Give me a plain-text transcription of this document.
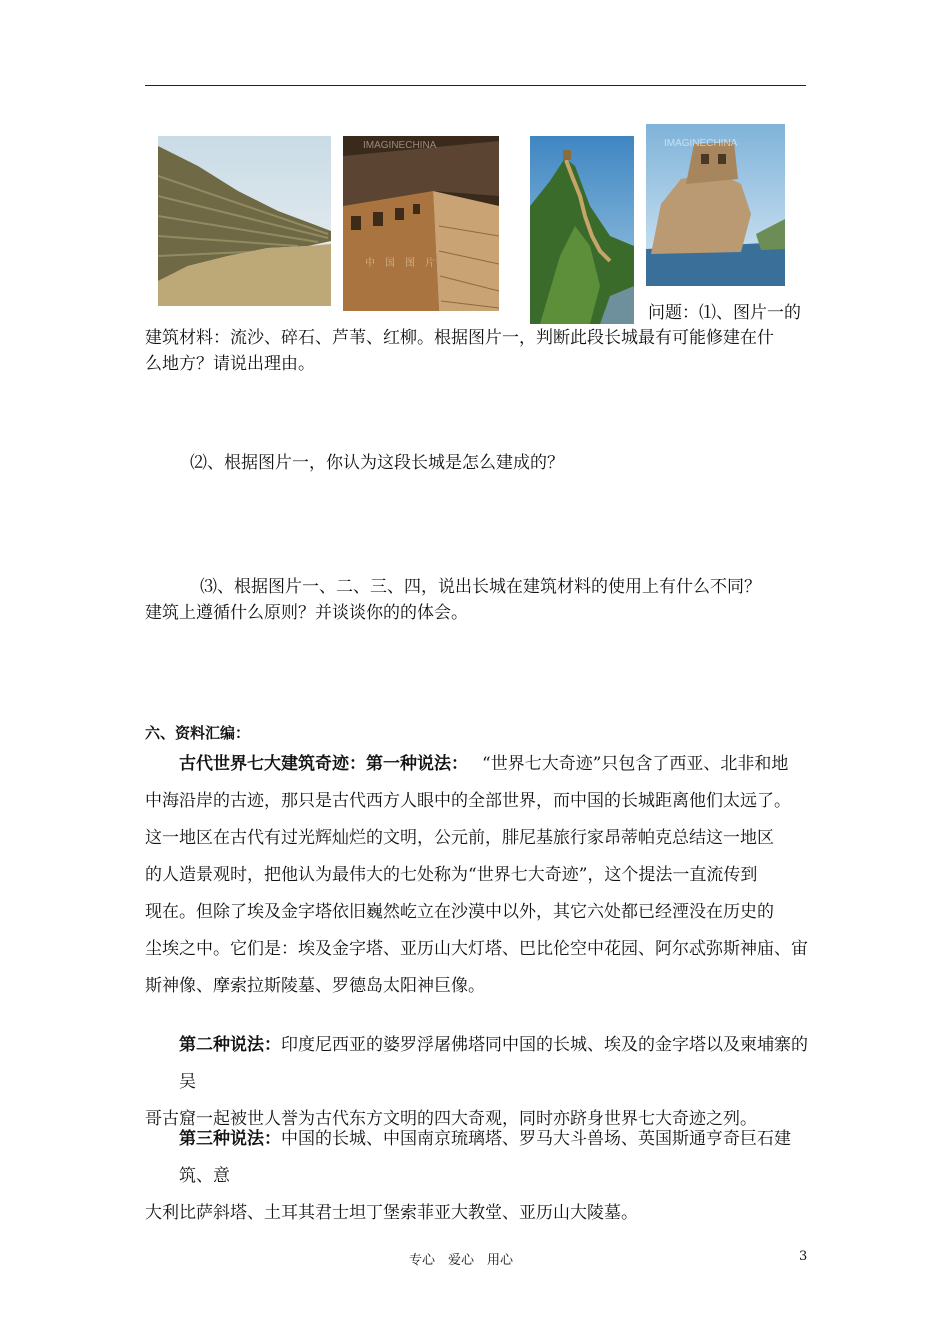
IMAGINECHINA
中　国　图　片
IMAGINECHINA

问题：⑴、图片一的

建筑材料：流沙、碎石、芦苇、红柳。根据图片一，判断此段长城最有可能修建在什

么地方？请说出理由。

⑵、根据图片一，你认为这段长城是怎么建成的？

⑶、根据图片一、二、三、四，说出长城在建筑材料的使用上有什么不同？

建筑上遵循什么原则？并谈谈你的的体会。

六、资料汇编：

古代世界七大建筑奇迹：第一种说法： “世界七大奇迹”只包含了西亚、北非和地
中海沿岸的古迹，那只是古代西方人眼中的全部世界，而中国的长城距离他们太远了。
这一地区在古代有过光辉灿烂的文明，公元前，腓尼基旅行家昂蒂帕克总结这一地区
的人造景观时，把他认为最伟大的七处称为“世界七大奇迹”，这个提法一直流传到
现在。但除了埃及金字塔依旧巍然屹立在沙漠中以外，其它六处都已经湮没在历史的
尘埃之中。它们是：埃及金字塔、亚历山大灯塔、巴比伦空中花园、阿尔忒弥斯神庙、宙
斯神像、摩索拉斯陵墓、罗德岛太阳神巨像。
第二种说法：印度尼西亚的婆罗浮屠佛塔同中国的长城、埃及的金字塔以及柬埔寨的吴
哥古窟一起被世人誉为古代东方文明的四大奇观，同时亦跻身世界七大奇迹之列。
第三种说法：中国的长城、中国南京琉璃塔、罗马大斗兽场、英国斯通亨奇巨石建筑、意
大利比萨斜塔、土耳其君士坦丁堡索菲亚大教堂、亚历山大陵墓。
专心　爱心　用心	3
